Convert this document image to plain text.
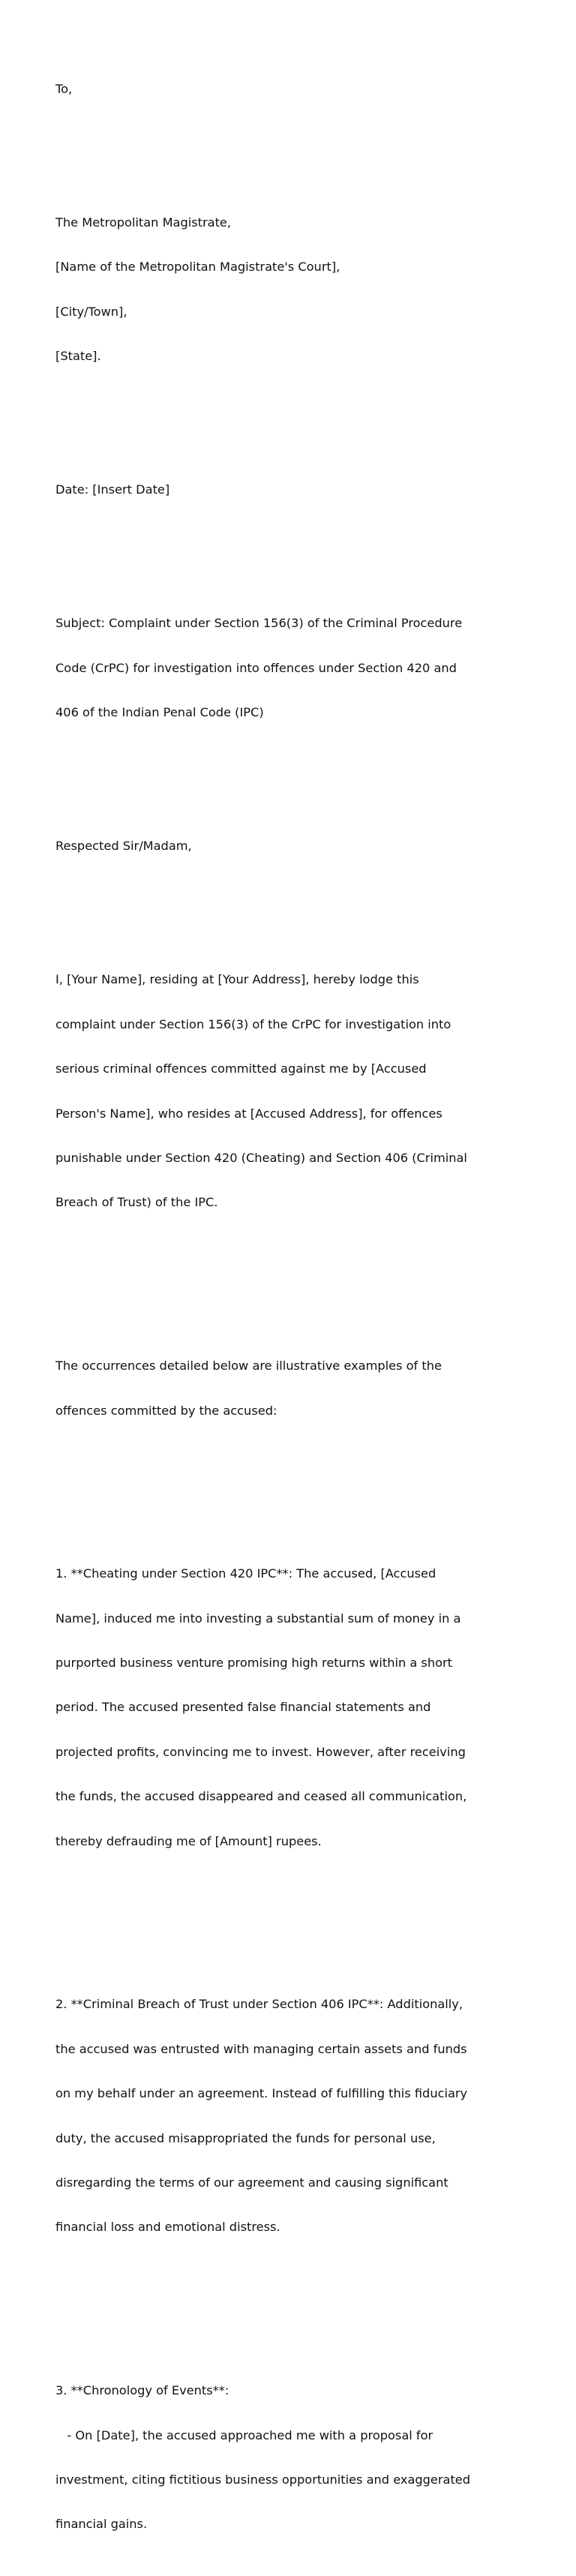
To,

The Metropolitan Magistrate,

[Name of the Metropolitan Magistrate's Court],

[City/Town],

[State].

Date: [Insert Date]

Subject: Complaint under Section 156(3) of the Criminal Procedure

Code (CrPC) for investigation into offences under Section 420 and

406 of the Indian Penal Code (IPC)

Respected Sir/Madam,

I, [Your Name], residing at [Your Address], hereby lodge this

complaint under Section 156(3) of the CrPC for investigation into

serious criminal offences committed against me by [Accused

Person's Name], who resides at [Accused Address], for offences

punishable under Section 420 (Cheating) and Section 406 (Criminal

Breach of Trust) of the IPC.

The occurrences detailed below are illustrative examples of the

offences committed by the accused:

1. **Cheating under Section 420 IPC**: The accused, [Accused

Name], induced me into investing a substantial sum of money in a

purported business venture promising high returns within a short

period. The accused presented false financial statements and

projected profits, convincing me to invest. However, after receiving

the funds, the accused disappeared and ceased all communication,

thereby defrauding me of [Amount] rupees.

2. **Criminal Breach of Trust under Section 406 IPC**: Additionally,

the accused was entrusted with managing certain assets and funds

on my behalf under an agreement. Instead of fulfilling this fiduciary

duty, the accused misappropriated the funds for personal use,

disregarding the terms of our agreement and causing significant

financial loss and emotional distress.

3. **Chronology of Events**:

- On [Date], the accused approached me with a proposal for

investment, citing fictitious business opportunities and exaggerated

financial gains.
